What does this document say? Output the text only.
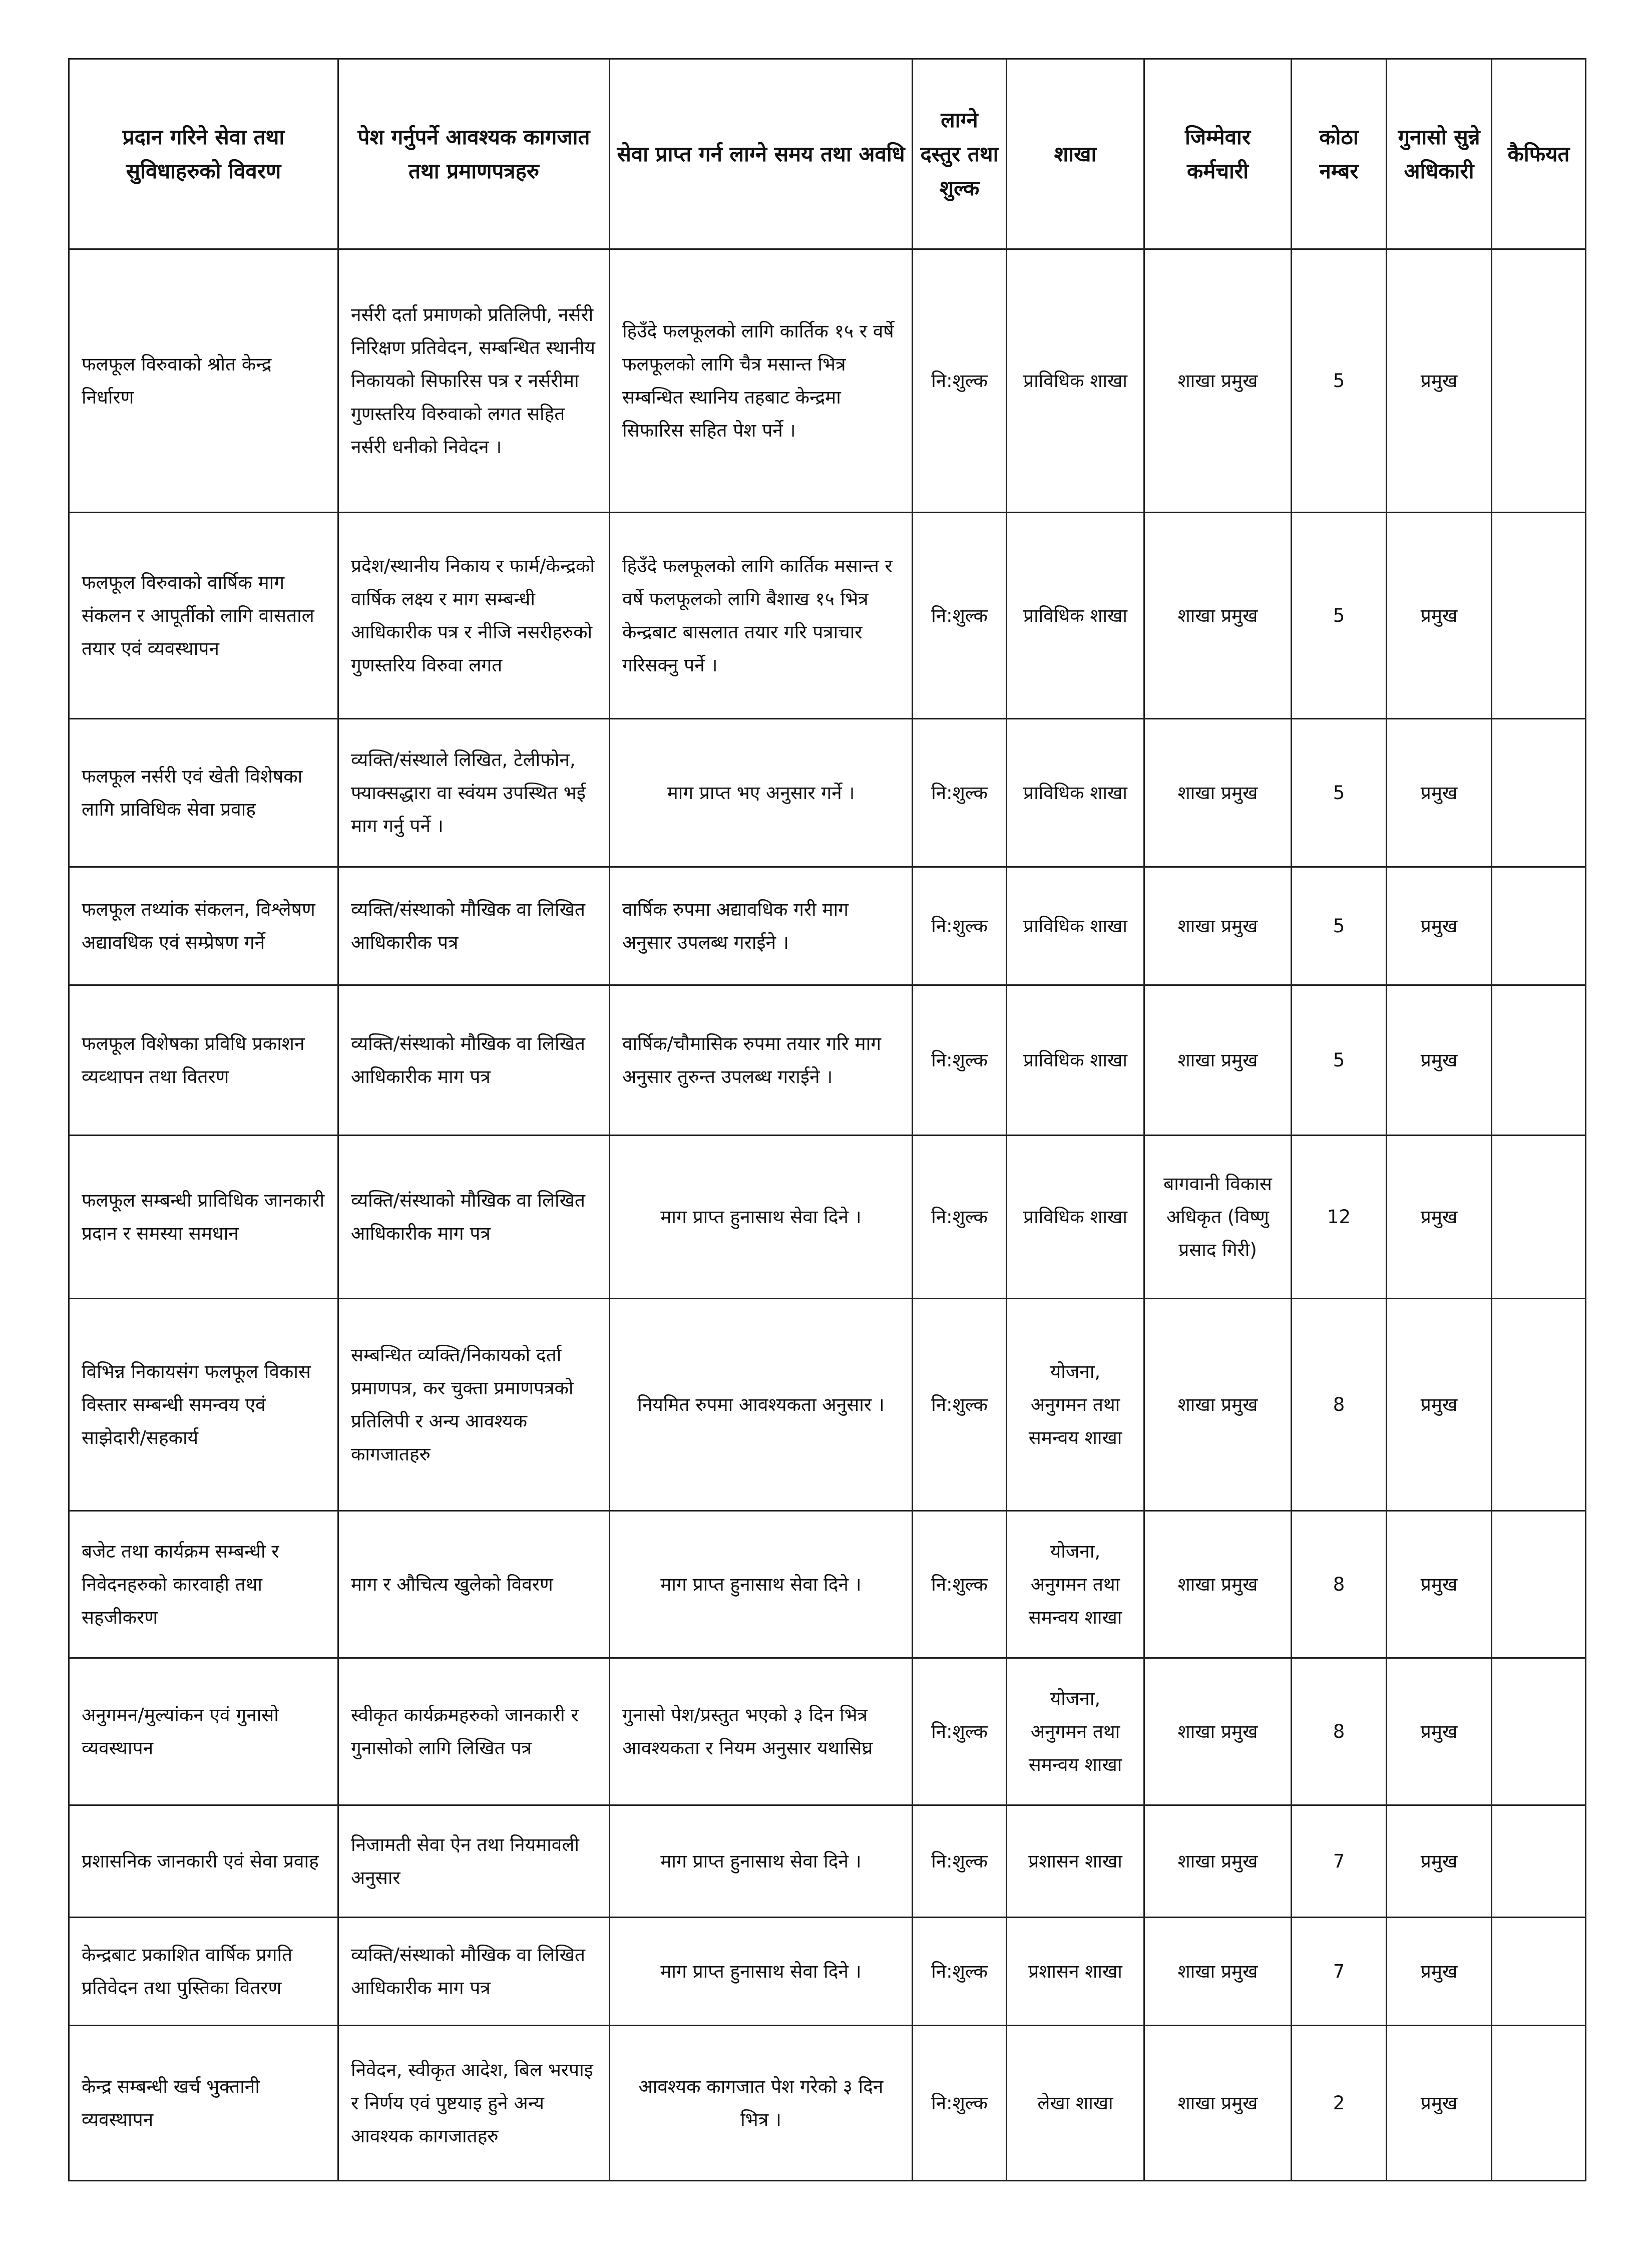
प्रदान गरिने सेवा तथा सुविधाहरुको विवरण	पेश गर्नुपर्ने आवश्यक कागजात तथा प्रमाणपत्रहरु	सेवा प्राप्त गर्न लाग्ने समय तथा अवधि	लाग्ने दस्तुर तथा शुल्क	शाखा	जिम्मेवार कर्मचारी	कोठा नम्बर	गुनासो सुन्ने अधिकारी	कैफियत
फलफूल विरुवाको श्रोत केन्द्र निर्धारण	नर्सरी दर्ता प्रमाणको प्रतिलिपी, नर्सरी निरिक्षण प्रतिवेदन, सम्बन्धित स्थानीय निकायको सिफारिस पत्र र नर्सरीमा गुणस्तरिय विरुवाको लगत सहित नर्सरी धनीको निवेदन ।	हिउँदे फलफूलको लागि कार्तिक १५ र वर्षे फलफूलको लागि चैत्र मसान्त भित्र सम्बन्धित स्थानिय तहबाट केन्द्रमा सिफारिस सहित पेश पर्ने ।	नि:शुल्क	प्राविधिक शाखा	शाखा प्रमुख	5	प्रमुख	
फलफूल विरुवाको वार्षिक माग संकलन र आपूर्तीको लागि वासताल तयार एवं व्यवस्थापन	प्रदेश/स्थानीय निकाय र फार्म/केन्द्रको वार्षिक लक्ष्य र माग सम्बन्धी आधिकारीक पत्र र नीजि नसरीहरुको गुणस्तरिय विरुवा लगत	हिउँदे फलफूलको लागि कार्तिक मसान्त र वर्षे फलफूलको लागि बैशाख १५ भित्र केन्द्रबाट बासलात तयार गरि पत्राचार गरिसक्नु पर्ने ।	नि:शुल्क	प्राविधिक शाखा	शाखा प्रमुख	5	प्रमुख	
फलफूल नर्सरी एवं खेती विशेषका लागि प्राविधिक सेवा प्रवाह	व्यक्ति/संस्थाले लिखित, टेलीफोन, फ्याक्सद्धारा वा स्वंयम उपस्थित भई माग गर्नु पर्ने ।	माग प्राप्त भए अनुसार गर्ने ।	नि:शुल्क	प्राविधिक शाखा	शाखा प्रमुख	5	प्रमुख	
फलफूल तथ्यांक संकलन, विश्लेषण अद्यावधिक एवं सम्प्रेषण गर्ने	व्यक्ति/संस्थाको मौखिक वा लिखित आधिकारीक पत्र	वार्षिक रुपमा अद्यावधिक गरी माग अनुसार उपलब्ध गराईने ।	नि:शुल्क	प्राविधिक शाखा	शाखा प्रमुख	5	प्रमुख	
फलफूल विशेषका प्रविधि प्रकाशन व्यव्थापन तथा वितरण	व्यक्ति/संस्थाको मौखिक वा लिखित आधिकारीक माग पत्र	वार्षिक/चौमासिक रुपमा तयार गरि माग अनुसार तुरुन्त उपलब्ध गराईने ।	नि:शुल्क	प्राविधिक शाखा	शाखा प्रमुख	5	प्रमुख	
फलफूल सम्बन्धी प्राविधिक जानकारी प्रदान र समस्या समधान	व्यक्ति/संस्थाको मौखिक वा लिखित आधिकारीक माग पत्र	माग प्राप्त हुनासाथ सेवा दिने ।	नि:शुल्क	प्राविधिक शाखा	बागवानी विकास अधिकृत (विष्णु प्रसाद गिरी)	12	प्रमुख	
विभिन्न निकायसंग फलफूल विकास विस्तार सम्बन्धी समन्वय एवं साझेदारी/सहकार्य	सम्बन्धित व्यक्ति/निकायको दर्ता प्रमाणपत्र, कर चुक्ता प्रमाणपत्रको प्रतिलिपी र अन्य आवश्यक कागजातहरु	नियमित रुपमा आवश्यकता अनुसार ।	नि:शुल्क	योजना, अनुगमन तथा समन्वय शाखा	शाखा प्रमुख	8	प्रमुख	
बजेट तथा कार्यक्रम सम्बन्धी र निवेदनहरुको कारवाही तथा सहजीकरण	माग र औचित्य खुलेको विवरण	माग प्राप्त हुनासाथ सेवा दिने ।	नि:शुल्क	योजना, अनुगमन तथा समन्वय शाखा	शाखा प्रमुख	8	प्रमुख	
अनुगमन/मुल्यांकन एवं गुनासो व्यवस्थापन	स्वीकृत कार्यक्रमहरुको जानकारी र गुनासोको लागि लिखित पत्र	गुनासो पेश/प्रस्तुत भएको ३ दिन भित्र आवश्यकता र नियम अनुसार यथासिघ्र	नि:शुल्क	योजना, अनुगमन तथा समन्वय शाखा	शाखा प्रमुख	8	प्रमुख	
प्रशासनिक जानकारी एवं सेवा प्रवाह	निजामती सेवा ऐन तथा नियमावली अनुसार	माग प्राप्त हुनासाथ सेवा दिने ।	नि:शुल्क	प्रशासन शाखा	शाखा प्रमुख	7	प्रमुख	
केन्द्रबाट प्रकाशित वार्षिक प्रगति प्रतिवेदन तथा पुस्तिका वितरण	व्यक्ति/संस्थाको मौखिक वा लिखित आधिकारीक माग पत्र	माग प्राप्त हुनासाथ सेवा दिने ।	नि:शुल्क	प्रशासन शाखा	शाखा प्रमुख	7	प्रमुख	
केन्द्र सम्बन्धी खर्च भुक्तानी व्यवस्थापन	निवेदन, स्वीकृत आदेश, बिल भरपाइ र निर्णय एवं पुष्टयाइ हुने अन्य आवश्यक कागजातहरु	आवश्यक कागजात पेश गरेको ३ दिन भित्र ।	नि:शुल्क	लेखा शाखा	शाखा प्रमुख	2	प्रमुख	
